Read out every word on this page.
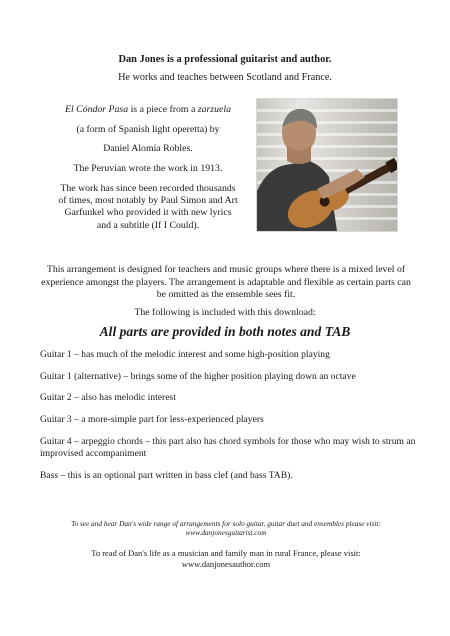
Dan Jones is a professional guitarist and author.

He works and teaches between Scotland and France.

El Cóndor Pasa is a piece from a zarzuela

(a form of Spanish light operetta) by

Daniel Alomía Robles.

The Peruvian wrote the work in 1913.

The work has since been recorded thousands of times, most notably by Paul Simon and Art Garfunkel who provided it with new lyrics and a subtitle (If I Could).

This arrangement is designed for teachers and music groups where there is a mixed level of experience amongst the players. The arrangement is adaptable and flexible as certain parts can be omitted as the ensemble sees fit.

The following is included with this download:

All parts are provided in both notes and TAB

Guitar 1 – has much of the melodic interest and some high-position playing

Guitar 1 (alternative) – brings some of the higher position playing down an octave

Guitar 2 – also has melodic interest

Guitar 3 – a more-simple part for less-experienced players

Guitar 4 – arpeggio chords – this part also has chord symbols for those who may wish to strum an improvised accompaniment

Bass – this is an optional part written in bass clef (and bass TAB).

To see and hear Dan's wide range of arrangements for solo guitar, guitar duet and ensembles please visit:

www.danjonesguitarist.com

To read of Dan's life as a musician and family man in rural France, please visit:

www.danjonesauthor.com
